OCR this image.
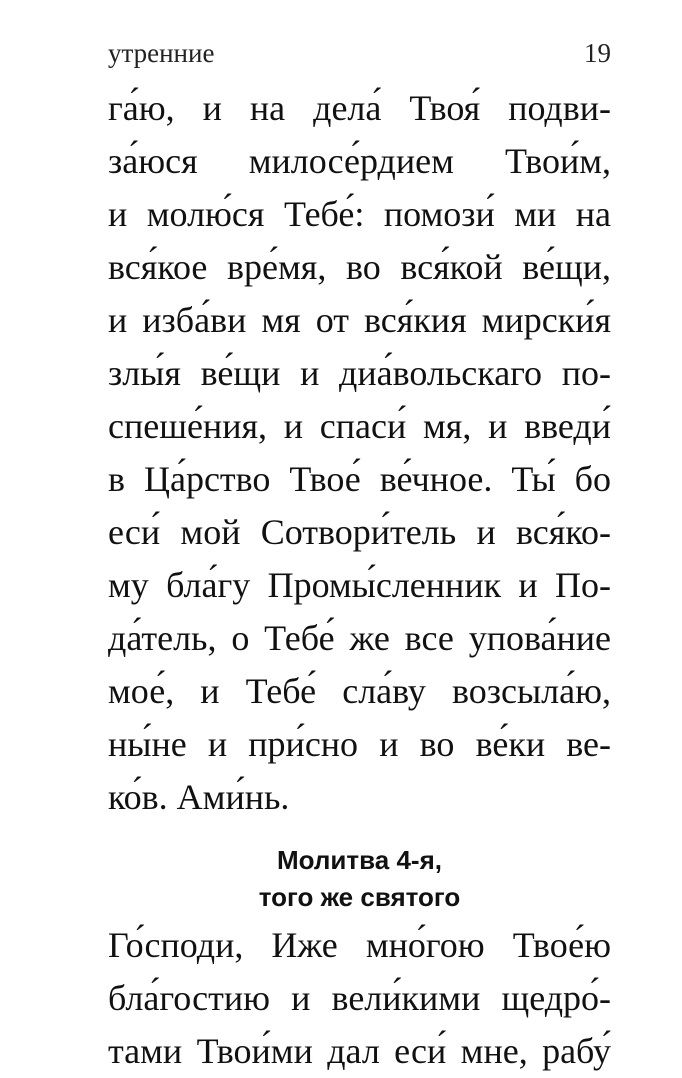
утренние	19
га́ю, и на дела́ Твоя́ подви-
за́юся милосе́рдием Твои́м,
и молю́ся Тебе́: помози́ ми на
вся́кое вре́мя, во вся́кой ве́щи,
и изба́ви мя от вся́кия мирски́я
злы́я ве́щи и диа́вольскаго по-
спеше́ния, и спаси́ мя, и введи́
в Ца́рство Твое́ ве́чное. Ты́ бо
еси́ мой Сотвори́тель и вся́ко-
му бла́гу Промы́сленник и По-
да́тель, о Тебе́ же все упова́ние
мое́, и Тебе́ сла́ву возсыла́ю,
ны́не и при́сно и во ве́ки ве-
ко́в. Ами́нь.
Молитва 4-я,
того же святого
Го́споди, Иже мно́гою Твое́ю
бла́гостию и вели́кими щедро́-
тами Твои́ми дал еси́ мне, рабу́
